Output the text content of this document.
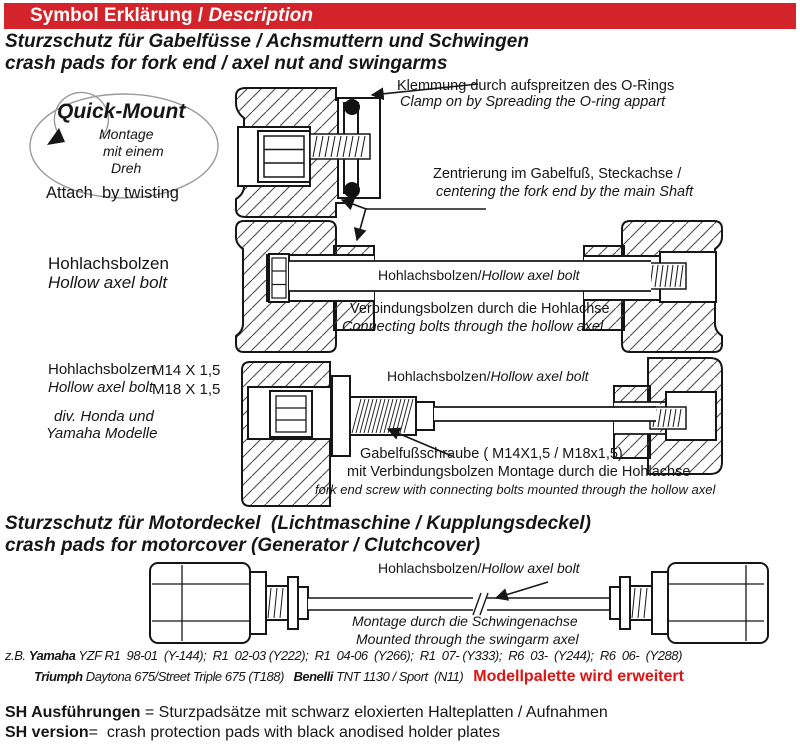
Symbol Erklärung / Description
Sturzschutz für Gabelfüsse / Achsmuttern und Schwingen
crash pads for fork end / axel nut and swingarms
Quick-Mount
Montage
mit einem
Dreh
Attach  by twisting
Klemmung durch aufspreitzen des O-Rings
Clamp on by Spreading the O-ring appart
Zentrierung im Gabelfuß, Steckachse /
centering the fork end by the main Shaft
Hohlachsbolzen
Hollow axel bolt	Hohlachsbolzen/Hollow axel bolt
Verbindungsbolzen durch die Hohlachse
Connecting bolts through the hollow axel
Hohlachsbolzen
M14 X 1,5
Hollow axel bolt
M18 X 1,5
div. Honda und
Yamaha Modelle
Hohlachsbolzen/Hollow axel bolt
Gabelfußschraube ( M14X1,5 / M18x1,5)
mit Verbindungsbolzen Montage durch die Hohlachse
fork end screw with connecting bolts mounted through the hollow axel
Sturzschutz für Motordeckel  (Lichtmaschine / Kupplungsdeckel)
crash pads for motorcover (Generator / Clutchcover)
Hohlachsbolzen/Hollow axel bolt
Montage durch die Schwingenachse
Mounted through the swingarm axel
z.B. Yamaha YZF R1  98-01  (Y-144);  R1  02-03 (Y222);  R1  04-06  (Y266);  R1  07- (Y333);  R6  03-  (Y244);  R6  06-  (Y288)
Triumph Daytona 675/Street Triple 675 (T188)   Benelli TNT 1130 / Sport  (N11) Modellpalette wird erweitert
SH Ausführungen = Sturzpadsätze mit schwarz eloxierten Halteplatten / Aufnahmen
SH version=  crash protection pads with black anodised holder plates
